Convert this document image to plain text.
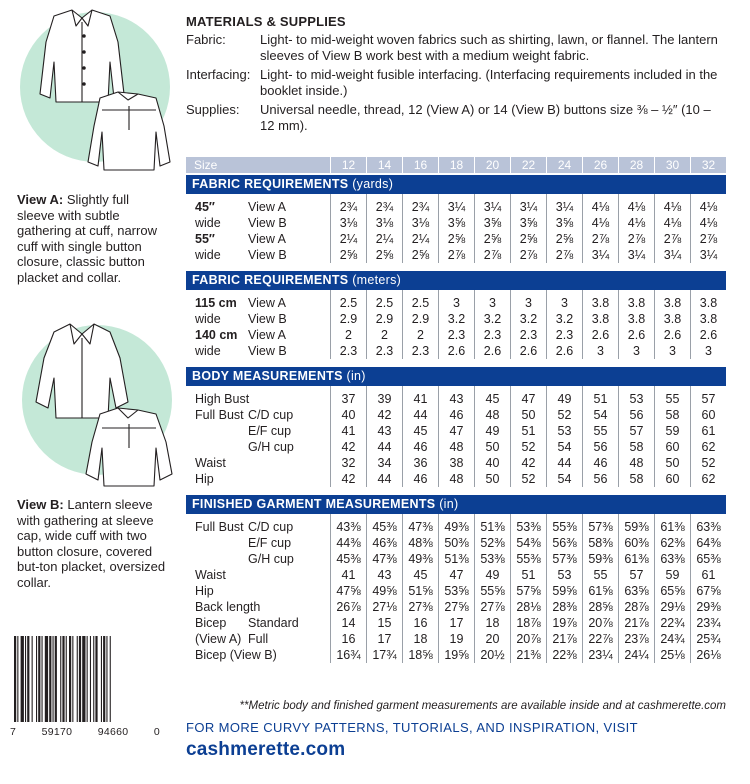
View A: Slightly full sleeve with subtle gathering at cuff, narrow cuff with single button closure, classic button placket and collar.
View B: Lantern sleeve with gathering at sleeve cap, wide cuff with two button closure, covered but-ton placket, oversized collar.
7 59170 94660 0
MATERIALS & SUPPLIES
Fabric:	Light- to mid-weight woven fabrics such as shirting, lawn, or flannel. The lantern sleeves of View B work best with a medium weight fabric.
Interfacing: Light- to mid-weight fusible interfacing. (Interfacing requirements included in the booklet inside.)
Supplies:	Universal needle, thread, 12 (View A) or 14 (View B) buttons size ⅜ – ½″ (10 – 12 mm).
Size	12	14	16	18	20	22	24	26	28	30	32
FABRIC REQUIREMENTS (yards)
45″	View A	2¾	2¾	2¾	3¼	3¼	3¼	3¼	4⅛	4⅛	4⅛	4⅛
wide	View B	3⅛	3⅛	3⅛	3⅝	3⅝	3⅝	3⅝	4⅛	4⅛	4⅛	4⅛
55″	View A	2¼	2¼	2¼	2⅝	2⅝	2⅝	2⅝	2⅞	2⅞	2⅞	2⅞
wide	View B	2⅝	2⅝	2⅝	2⅞	2⅞	2⅞	2⅞	3¼	3¼	3¼	3¼
FABRIC REQUIREMENTS (meters)
115 cm View A	2.5	2.5	2.5	3	3	3	3	3.8	3.8	3.8	3.8
wide	View B	2.9	2.9	2.9	3.2	3.2	3.2	3.2	3.8	3.8	3.8	3.8
140 cm View A	2	2	2	2.3	2.3	2.3	2.3	2.6	2.6	2.6	2.6
wide	View B	2.3	2.3	2.3	2.6	2.6	2.6	2.6	3	3	3	3
BODY MEASUREMENTS (in)
High Bust	37	39	41	43	45	47	49	51	53	55	57
Full Bust C/D cup	40	42	44	46	48	50	52	54	56	58	60
E/F cup	41	43	45	47	49	51	53	55	57	59	61
G/H cup	42	44	46	48	50	52	54	56	58	60	62
Waist	32	34	36	38	40	42	44	46	48	50	52
Hip	42	44	46	48	50	52	54	56	58	60	62
FINISHED GARMENT MEASUREMENTS (in)
Full Bust C/D cup	43⅜ 45⅜ 47⅜ 49⅜ 51⅜ 53⅜ 55⅜ 57⅜ 59⅜ 61⅜ 63⅜
E/F cup	44⅜ 46⅜ 48⅜ 50⅜ 52⅜ 54⅜ 56⅜ 58⅜ 60⅜ 62⅜ 64⅜
G/H cup	45⅜ 47⅜ 49⅜ 51⅜ 53⅜ 55⅜ 57⅜ 59⅜ 61⅜ 63⅜ 65⅜
Waist	41	43	45	47	49	51	53	55	57	59	61
Hip	47⅝ 49⅝ 51⅝ 53⅝ 55⅝ 57⅝ 59⅝ 61⅝ 63⅝ 65⅝ 67⅝
Back length	26⅞ 27⅛ 27⅜ 27⅝ 27⅞ 28⅛ 28⅜ 28⅝ 28⅞ 29⅛ 29⅜
Bicep	Standard	14	15	16	17	18	18⅞ 19⅞ 20⅞ 21⅞ 22¾ 23¾
(View A) Full	16	17	18	19	20	20⅞ 21⅞ 22⅞ 23⅞ 24¾ 25¾
Bicep (View B)	16¾ 17¾ 18⅝ 19⅝ 20½ 21⅜ 22⅜ 23¼ 24¼ 25⅛ 26⅛
**Metric body and finished garment measurements are available inside and at cashmerette.com
FOR MORE CURVY PATTERNS, TUTORIALS, AND INSPIRATION, VISIT
cashmerette.com
